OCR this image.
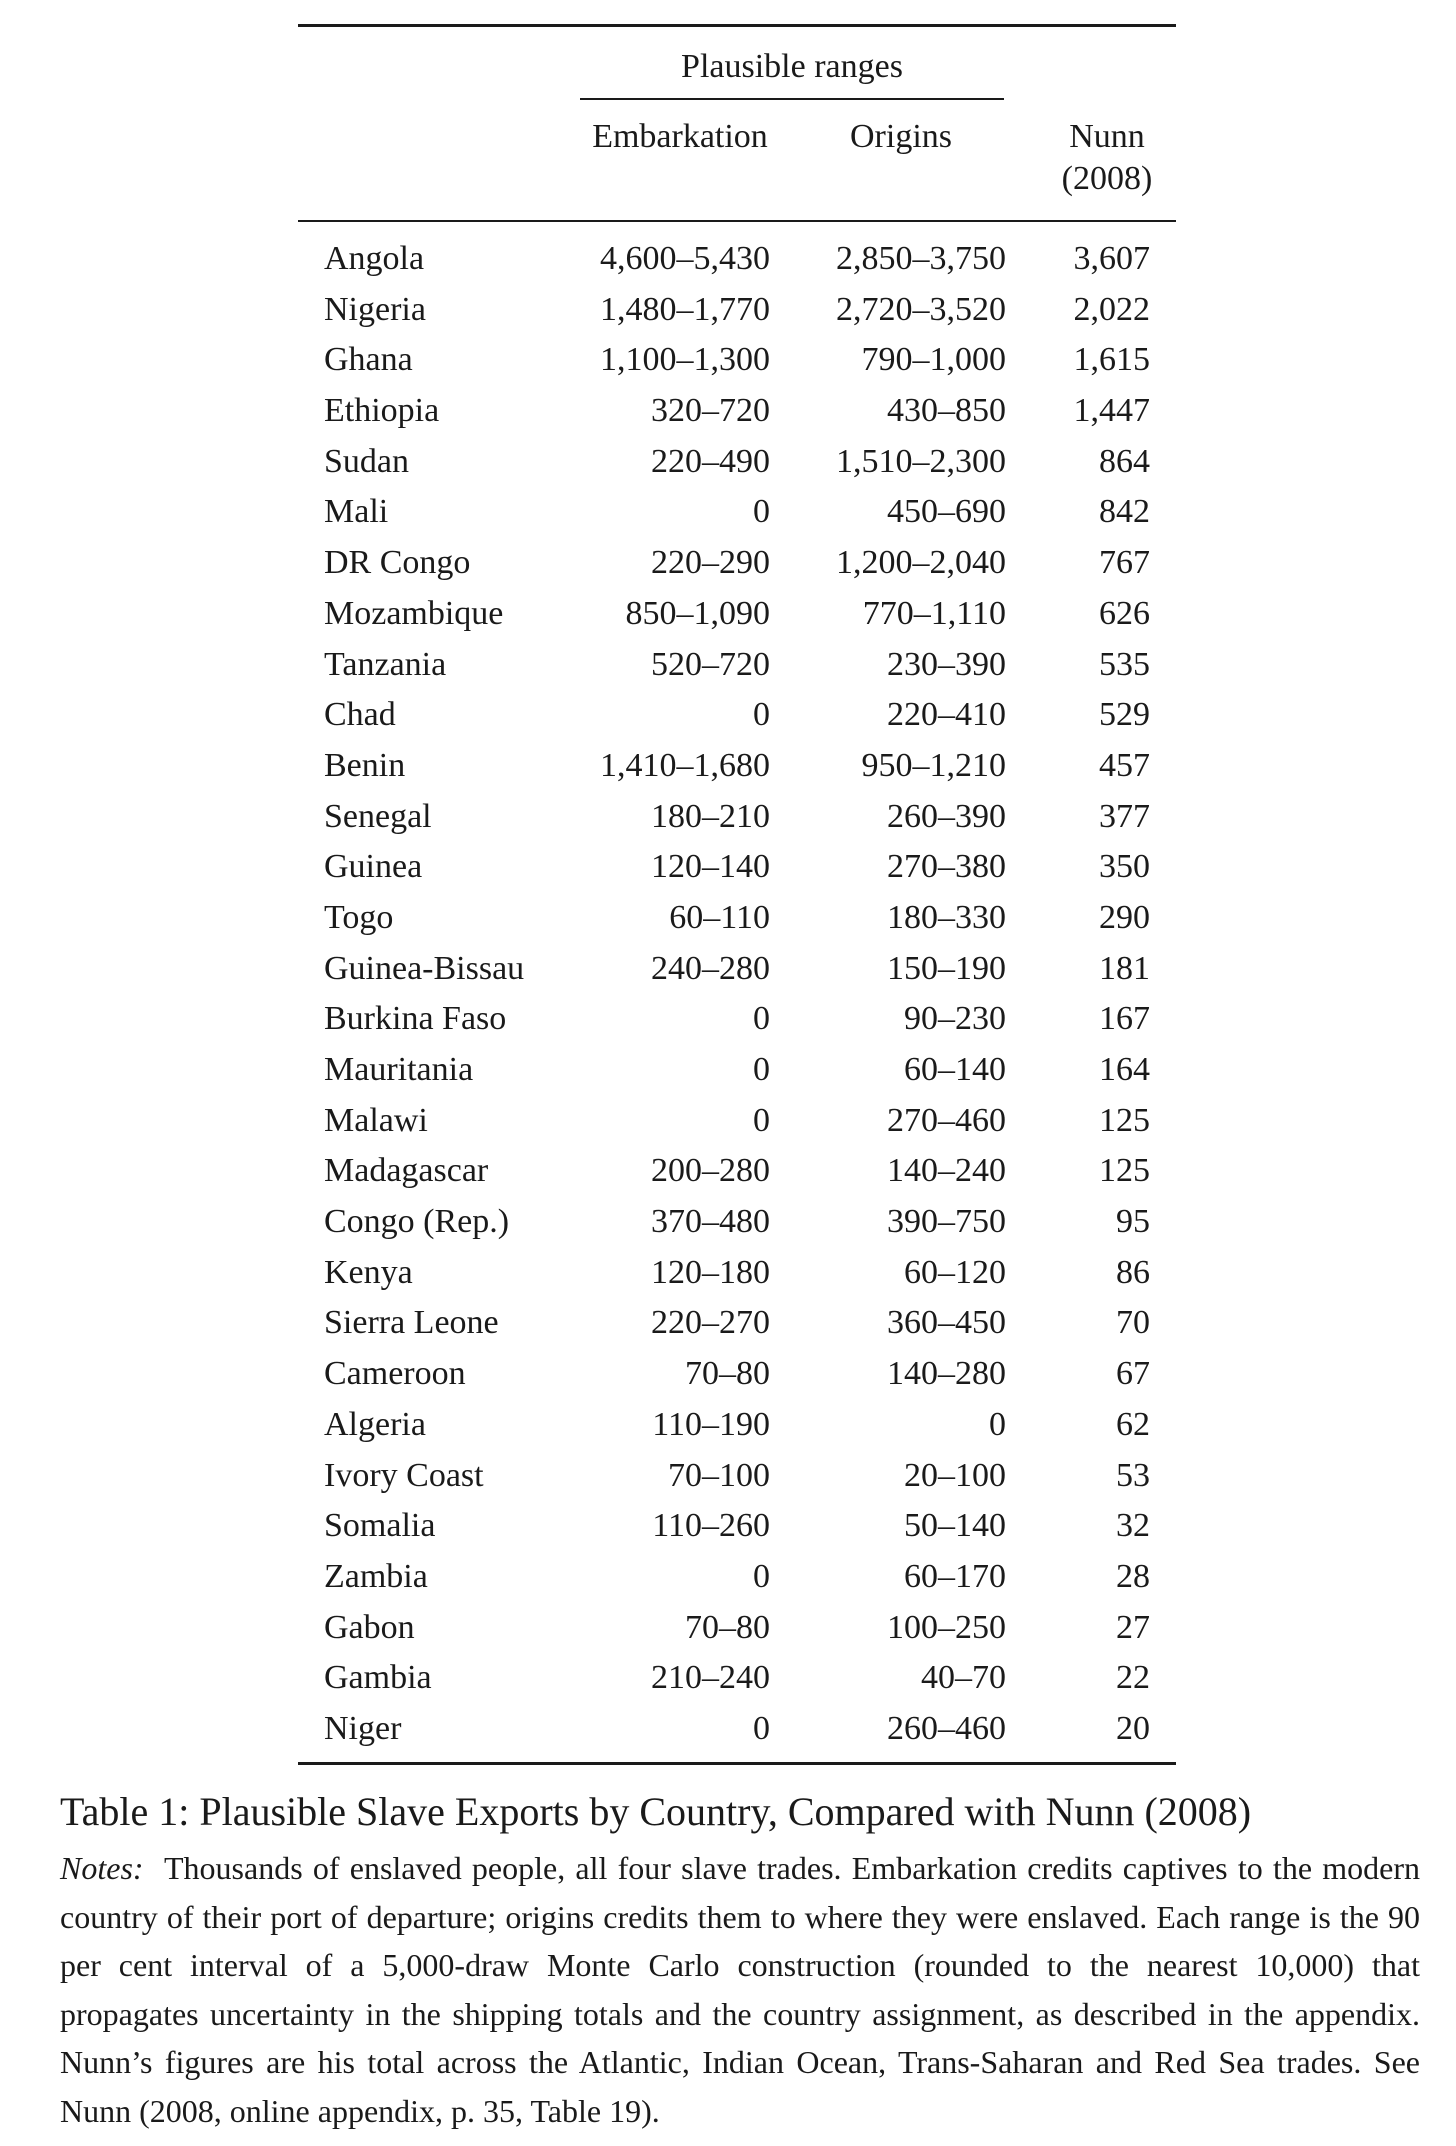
Plausible ranges
Embarkation	Origins	Nunn
(2008)
Angola	4,600–5,430 2,850–3,750 3,607
Nigeria	1,480–1,770 2,720–3,520 2,022
Ghana	1,100–1,300	790–1,000 1,615
Ethiopia	320–720	430–850 1,447
Sudan	220–490 1,510–2,300	864
Mali	0	450–690	842
DR Congo	220–290 1,200–2,040	767
Mozambique	850–1,090	770–1,110	626
Tanzania	520–720	230–390	535
Chad	0	220–410	529
Benin	1,410–1,680	950–1,210	457
Senegal	180–210	260–390	377
Guinea	120–140	270–380	350
Togo	60–110	180–330	290
Guinea-Bissau	240–280	150–190	181
Burkina Faso	0	90–230	167
Mauritania	0	60–140	164
Malawi	0	270–460	125
Madagascar	200–280	140–240	125
Congo (Rep.)	370–480	390–750	95
Kenya	120–180	60–120	86
Sierra Leone	220–270	360–450	70
Cameroon	70–80	140–280	67
Algeria	110–190	0	62
Ivory Coast	70–100	20–100	53
Somalia	110–260	50–140	32
Zambia	0	60–170	28
Gabon	70–80	100–250	27
Gambia	210–240	40–70	22
Niger	0	260–460	20

Table 1: Plausible Slave Exports by Country, Compared with Nunn (2008)

Notes: Thousands of enslaved people, all four slave trades. Embarkation credits captives to the modern country of their port of departure; origins credits them to where they were enslaved. Each range is the 90 per cent interval of a 5,000-draw Monte Carlo construction (rounded to the nearest 10,000) that propagates uncertainty in the shipping totals and the country assignment, as described in the appendix. Nunn’s figures are his total across the Atlantic, Indian Ocean, Trans-Saharan and Red Sea trades. See Nunn (2008, online appendix, p. 35, Table 19).
